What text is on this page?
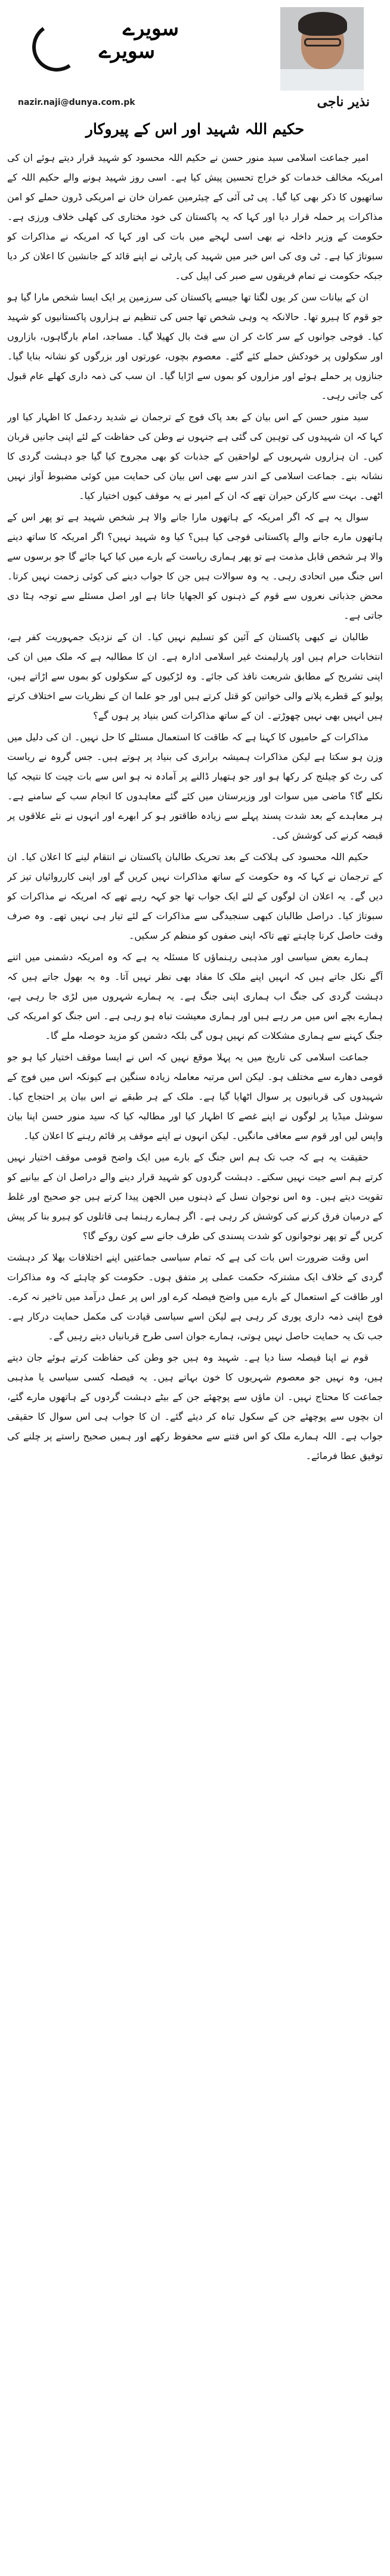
سویرے
سویرے
نذیر ناجی
nazir.naji@dunya.com.pk
حکیم اللہ شہید اور اس کے پیروکار

امیر جماعت اسلامی سید منور حسن نے حکیم اللہ محسود کو شہید قرار دیتے ہوئے ان کی امریکہ مخالف خدمات کو خراج تحسین پیش کیا ہے۔ اسی روز شہید ہونے والے حکیم اللہ کے ساتھیوں کا ذکر بھی کیا گیا۔ پی ٹی آئی کے چیئرمین عمران خان نے امریکی ڈرون حملے کو امن مذاکرات پر حملہ قرار دیا اور کہا کہ یہ پاکستان کی خود مختاری کی کھلی خلاف ورزی ہے۔ حکومت کے وزیر داخلہ نے بھی اسی لہجے میں بات کی اور کہا کہ امریکہ نے مذاکرات کو سبوتاژ کیا ہے۔ ٹی وی کی اس خبر میں شہید کی پارٹی نے اپنے قائد کے جانشین کا اعلان کر دیا جبکہ حکومت نے تمام فریقوں سے صبر کی اپیل کی۔

ان کے بیانات سن کر یوں لگتا تھا جیسے پاکستان کی سرزمین پر ایک ایسا شخص مارا گیا ہو جو قوم کا ہیرو تھا۔ حالانکہ یہ وہی شخص تھا جس کی تنظیم نے ہزاروں پاکستانیوں کو شہید کیا۔ فوجی جوانوں کے سر کاٹ کر ان سے فٹ بال کھیلا گیا۔ مساجد، امام بارگاہوں، بازاروں اور سکولوں پر خودکش حملے کئے گئے۔ معصوم بچوں، عورتوں اور بزرگوں کو نشانہ بنایا گیا۔ جنازوں پر حملے ہوئے اور مزاروں کو بموں سے اڑایا گیا۔ ان سب کی ذمہ داری کھلے عام قبول کی جاتی رہی۔

سید منور حسن کے اس بیان کے بعد پاک فوج کے ترجمان نے شدید ردعمل کا اظہار کیا اور کہا کہ ان شہیدوں کی توہین کی گئی ہے جنہوں نے وطن کی حفاظت کے لئے اپنی جانیں قربان کیں۔ ان ہزاروں شہریوں کے لواحقین کے جذبات کو بھی مجروح کیا گیا جو دہشت گردی کا نشانہ بنے۔ جماعت اسلامی کے اندر سے بھی اس بیان کی حمایت میں کوئی مضبوط آواز نہیں اٹھی۔ بہت سے کارکن حیران تھے کہ ان کے امیر نے یہ موقف کیوں اختیار کیا۔

سوال یہ ہے کہ اگر امریکہ کے ہاتھوں مارا جانے والا ہر شخص شہید ہے تو پھر اس کے ہاتھوں مارے جانے والے پاکستانی فوجی کیا ہیں؟ کیا وہ شہید نہیں؟ اگر امریکہ کا ساتھ دینے والا ہر شخص قابل مذمت ہے تو پھر ہماری ریاست کے بارے میں کیا کہا جائے گا جو برسوں سے اس جنگ میں اتحادی رہی۔ یہ وہ سوالات ہیں جن کا جواب دینے کی کوئی زحمت نہیں کرتا۔ محض جذباتی نعروں سے قوم کے ذہنوں کو الجھایا جاتا ہے اور اصل مسئلے سے توجہ ہٹا دی جاتی ہے۔

طالبان نے کبھی پاکستان کے آئین کو تسلیم نہیں کیا۔ ان کے نزدیک جمہوریت کفر ہے، انتخابات حرام ہیں اور پارلیمنٹ غیر اسلامی ادارہ ہے۔ ان کا مطالبہ ہے کہ ملک میں ان کی اپنی تشریح کے مطابق شریعت نافذ کی جائے۔ وہ لڑکیوں کے سکولوں کو بموں سے اڑاتے ہیں، پولیو کے قطرے پلانے والی خواتین کو قتل کرتے ہیں اور جو علما ان کے نظریات سے اختلاف کرتے ہیں انہیں بھی نہیں چھوڑتے۔ ان کے ساتھ مذاکرات کس بنیاد پر ہوں گے؟

مذاکرات کے حامیوں کا کہنا ہے کہ طاقت کا استعمال مسئلے کا حل نہیں۔ ان کی دلیل میں وزن ہو سکتا ہے لیکن مذاکرات ہمیشہ برابری کی بنیاد پر ہوتے ہیں۔ جس گروہ نے ریاست کی رٹ کو چیلنج کر رکھا ہو اور جو ہتھیار ڈالنے پر آمادہ نہ ہو اس سے بات چیت کا نتیجہ کیا نکلے گا؟ ماضی میں سوات اور وزیرستان میں کئے گئے معاہدوں کا انجام سب کے سامنے ہے۔ ہر معاہدے کے بعد شدت پسند پہلے سے زیادہ طاقتور ہو کر ابھرے اور انہوں نے نئے علاقوں پر قبضہ کرنے کی کوشش کی۔

حکیم اللہ محسود کی ہلاکت کے بعد تحریک طالبان پاکستان نے انتقام لینے کا اعلان کیا۔ ان کے ترجمان نے کہا کہ وہ حکومت کے ساتھ مذاکرات نہیں کریں گے اور اپنی کارروائیاں تیز کر دیں گے۔ یہ اعلان ان لوگوں کے لئے ایک جواب تھا جو کہہ رہے تھے کہ امریکہ نے مذاکرات کو سبوتاژ کیا۔ دراصل طالبان کبھی سنجیدگی سے مذاکرات کے لئے تیار ہی نہیں تھے۔ وہ صرف وقت حاصل کرنا چاہتے تھے تاکہ اپنی صفوں کو منظم کر سکیں۔

ہمارے بعض سیاسی اور مذہبی رہنماؤں کا مسئلہ یہ ہے کہ وہ امریکہ دشمنی میں اتنے آگے نکل جاتے ہیں کہ انہیں اپنے ملک کا مفاد بھی نظر نہیں آتا۔ وہ یہ بھول جاتے ہیں کہ دہشت گردی کی جنگ اب ہماری اپنی جنگ ہے۔ یہ ہمارے شہروں میں لڑی جا رہی ہے، ہمارے بچے اس میں مر رہے ہیں اور ہماری معیشت تباہ ہو رہی ہے۔ اس جنگ کو امریکہ کی جنگ کہنے سے ہماری مشکلات کم نہیں ہوں گی بلکہ دشمن کو مزید حوصلہ ملے گا۔

جماعت اسلامی کی تاریخ میں یہ پہلا موقع نہیں کہ اس نے ایسا موقف اختیار کیا ہو جو قومی دھارے سے مختلف ہو۔ لیکن اس مرتبہ معاملہ زیادہ سنگین ہے کیونکہ اس میں فوج کے شہیدوں کی قربانیوں پر سوال اٹھایا گیا ہے۔ ملک کے ہر طبقے نے اس بیان پر احتجاج کیا۔ سوشل میڈیا پر لوگوں نے اپنے غصے کا اظہار کیا اور مطالبہ کیا کہ سید منور حسن اپنا بیان واپس لیں اور قوم سے معافی مانگیں۔ لیکن انہوں نے اپنے موقف پر قائم رہنے کا اعلان کیا۔

حقیقت یہ ہے کہ جب تک ہم اس جنگ کے بارے میں ایک واضح قومی موقف اختیار نہیں کرتے ہم اسے جیت نہیں سکتے۔ دہشت گردوں کو شہید قرار دینے والے دراصل ان کے بیانیے کو تقویت دیتے ہیں۔ وہ اس نوجوان نسل کے ذہنوں میں الجھن پیدا کرتے ہیں جو صحیح اور غلط کے درمیان فرق کرنے کی کوشش کر رہی ہے۔ اگر ہمارے رہنما ہی قاتلوں کو ہیرو بنا کر پیش کریں گے تو پھر نوجوانوں کو شدت پسندی کی طرف جانے سے کون روکے گا؟

اس وقت ضرورت اس بات کی ہے کہ تمام سیاسی جماعتیں اپنے اختلافات بھلا کر دہشت گردی کے خلاف ایک مشترکہ حکمت عملی پر متفق ہوں۔ حکومت کو چاہئے کہ وہ مذاکرات اور طاقت کے استعمال کے بارے میں واضح فیصلہ کرے اور اس پر عمل درآمد میں تاخیر نہ کرے۔ فوج اپنی ذمہ داری پوری کر رہی ہے لیکن اسے سیاسی قیادت کی مکمل حمایت درکار ہے۔ جب تک یہ حمایت حاصل نہیں ہوتی، ہمارے جوان اسی طرح قربانیاں دیتے رہیں گے۔

قوم نے اپنا فیصلہ سنا دیا ہے۔ شہید وہ ہیں جو وطن کی حفاظت کرتے ہوئے جان دیتے ہیں، وہ نہیں جو معصوم شہریوں کا خون بہاتے ہیں۔ یہ فیصلہ کسی سیاسی یا مذہبی جماعت کا محتاج نہیں۔ ان ماؤں سے پوچھئے جن کے بیٹے دہشت گردوں کے ہاتھوں مارے گئے، ان بچوں سے پوچھئے جن کے سکول تباہ کر دیئے گئے۔ ان کا جواب ہی اس سوال کا حقیقی جواب ہے۔ اللہ ہمارے ملک کو اس فتنے سے محفوظ رکھے اور ہمیں صحیح راستے پر چلنے کی توفیق عطا فرمائے۔
